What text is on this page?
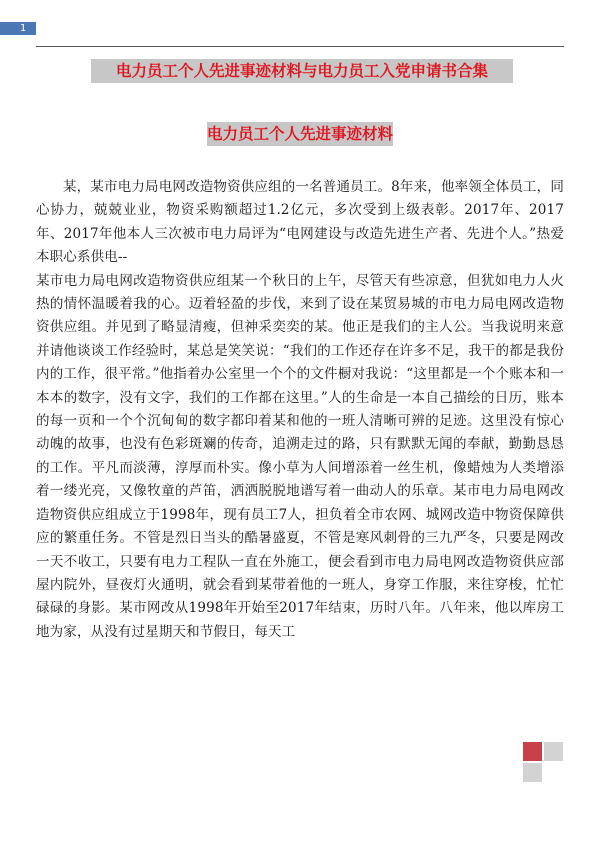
1
电力员工个人先进事迹材料与电力员工入党申请书合集
电力员工个人先进事迹材料

某，某市电力局电网改造物资供应组的一名普通员工。8年来，他率领全体员工，同心协力，兢兢业业，物资采购额超过1.2亿元，多次受到上级表彰。2017年、2017年、2017年他本人三次被市电力局评为“电网建设与改造先进生产者、先进个人。”热爱本职心系供电--

某市电力局电网改造物资供应组某一个秋日的上午，尽管天有些凉意，但犹如电力人火热的情怀温暖着我的心。迈着轻盈的步伐，来到了设在某贸易城的市电力局电网改造物资供应组。并见到了略显清瘦，但神采奕奕的某。他正是我们的主人公。当我说明来意并请他谈谈工作经验时，某总是笑笑说：“我们的工作还存在许多不足，我干的都是我份内的工作，很平常。”他指着办公室里一个个的文件橱对我说：“这里都是一个个账本和一本本的数字，没有文字，我们的工作都在这里。”人的生命是一本自己描绘的日历，账本的每一页和一个个沉甸甸的数字都印着某和他的一班人清晰可辨的足迹。这里没有惊心动魄的故事，也没有色彩斑斓的传奇，追溯走过的路，只有默默无闻的奉献，勤勤恳恳的工作。平凡而淡薄，淳厚而朴实。像小草为人间增添着一丝生机，像蜡烛为人类增添着一缕光亮，又像牧童的芦笛，洒洒脱脱地谱写着一曲动人的乐章。某市电力局电网改造物资供应组成立于1998年，现有员工7人，担负着全市农网、城网改造中物资保障供应的繁重任务。不管是烈日当头的酷暑盛夏，不管是寒风刺骨的三九严冬，只要是网改一天不收工，只要有电力工程队一直在外施工，便会看到市电力局电网改造物资供应部屋内院外，昼夜灯火通明，就会看到某带着他的一班人，身穿工作服，来往穿梭，忙忙碌碌的身影。某市网改从1998年开始至2017年结束，历时八年。八年来，他以库房工地为家，从没有过星期天和节假日，每天工
